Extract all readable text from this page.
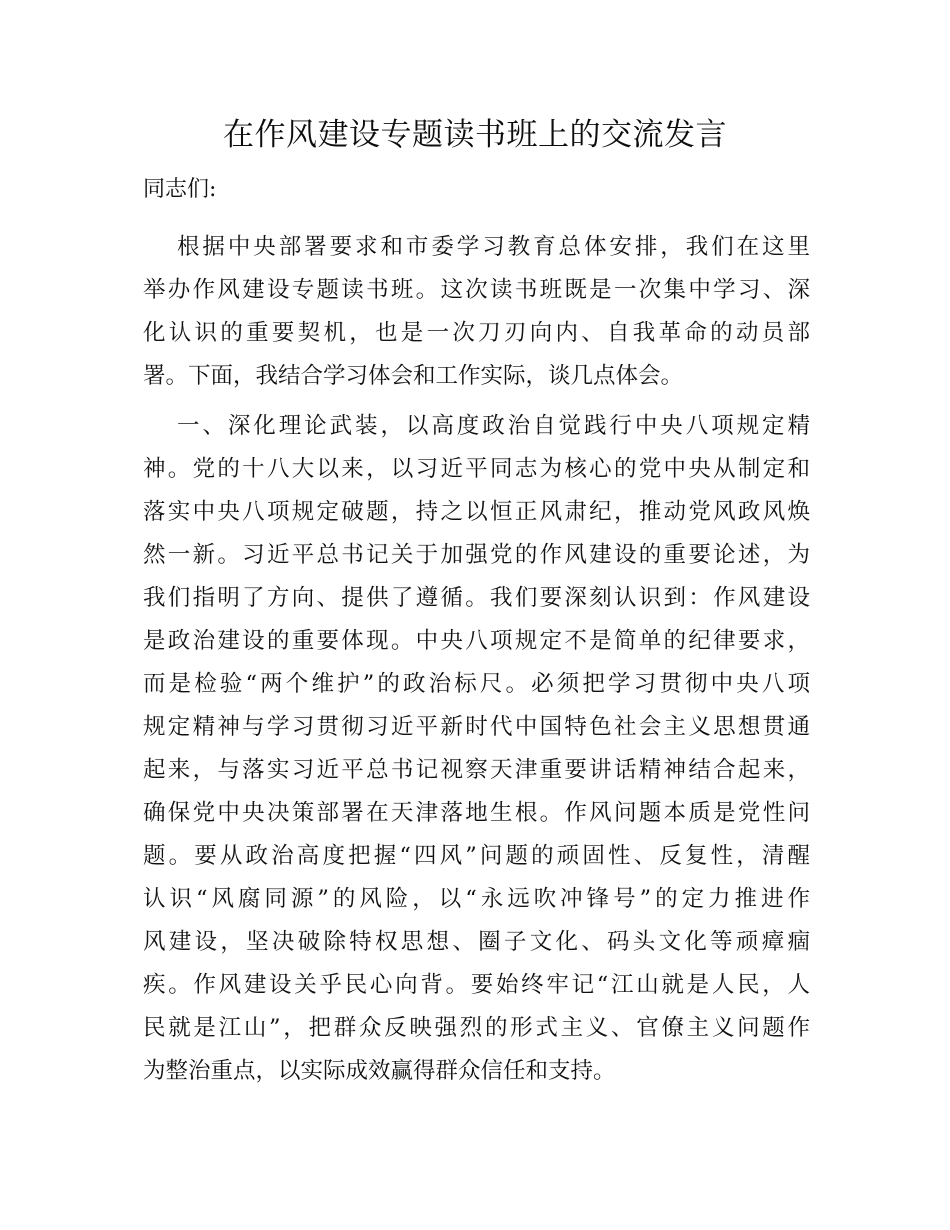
在作风建设专题读书班上的交流发言
同志们:
根据中央部署要求和市委学习教育总体安排，我们在这里
举办作风建设专题读书班。这次读书班既是一次集中学习、深
化认识的重要契机，也是一次刀刃向内、自我革命的动员部
署。下面，我结合学习体会和工作实际，谈几点体会。
一、深化理论武装，以高度政治自觉践行中央八项规定精
神。党的十八大以来，以习近平同志为核心的党中央从制定和
落实中央八项规定破题，持之以恒正风肃纪，推动党风政风焕
然一新。习近平总书记关于加强党的作风建设的重要论述，为
我们指明了方向、提供了遵循。我们要深刻认识到：作风建设
是政治建设的重要体现。中央八项规定不是简单的纪律要求，
而是检验“两个维护”的政治标尺。必须把学习贯彻中央八项
规定精神与学习贯彻习近平新时代中国特色社会主义思想贯通
起来，与落实习近平总书记视察天津重要讲话精神结合起来，
确保党中央决策部署在天津落地生根。作风问题本质是党性问
题。要从政治高度把握“四风”问题的顽固性、反复性，清醒
认识“风腐同源”的风险，以“永远吹冲锋号”的定力推进作
风建设，坚决破除特权思想、圈子文化、码头文化等顽瘴痼
疾。作风建设关乎民心向背。要始终牢记“江山就是人民，人
民就是江山”，把群众反映强烈的形式主义、官僚主义问题作
为整治重点，以实际成效赢得群众信任和支持。
